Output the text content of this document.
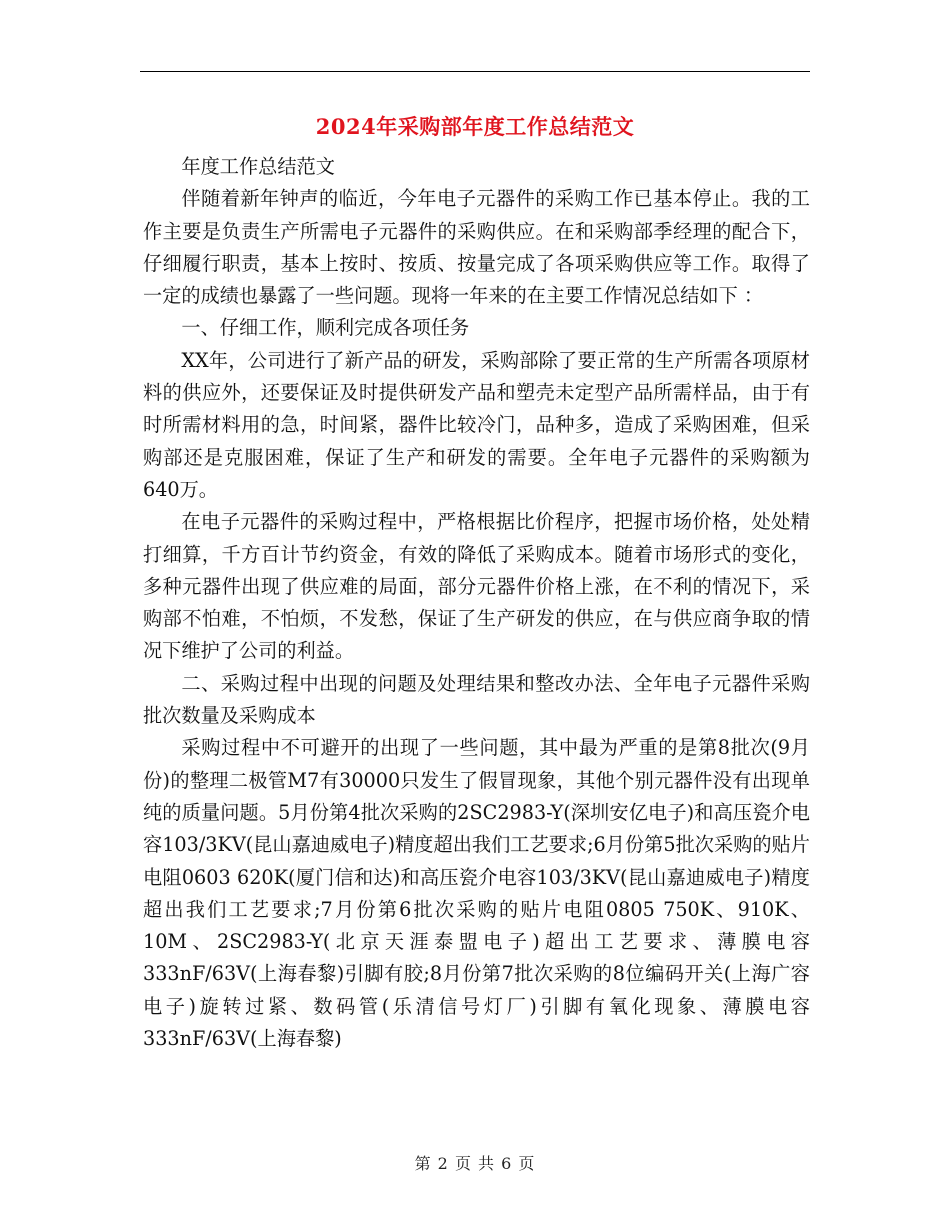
2024年采购部年度工作总结范文

年度工作总结范文

伴随着新年钟声的临近，今年电子元器件的采购工作已基本停止。我的工作主要是负责生产所需电子元器件的采购供应。在和采购部季经理的配合下，仔细履行职责，基本上按时、按质、按量完成了各项采购供应等工作。取得了一定的成绩也暴露了一些问题。现将一年来的在主要工作情况总结如下 ：

一、仔细工作，顺利完成各项任务

XX年，公司进行了新产品的研发，采购部除了要正常的生产所需各项原材料的供应外，还要保证及时提供研发产品和塑壳未定型产品所需样品，由于有时所需材料用的急，时间紧，器件比较冷门，品种多，造成了采购困难，但采购部还是克服困难，保证了生产和研发的需要。全年电子元器件的采购额为640万。

在电子元器件的采购过程中，严格根据比价程序，把握市场价格，处处精打细算，千方百计节约资金，有效的降低了采购成本。随着市场形式的变化，多种元器件出现了供应难的局面，部分元器件价格上涨，在不利的情况下，采购部不怕难，不怕烦，不发愁，保证了生产研发的供应，在与供应商争取的情况下维护了公司的利益。

二、采购过程中出现的问题及处理结果和整改办法、全年电子元器件采购批次数量及采购成本

采购过程中不可避开的出现了一些问题，其中最为严重的是第8批次(9月份)的整理二极管M7有30000只发生了假冒现象，其他个别元器件没有出现单纯的质量问题。5月份第4批次采购的2SC2983-Y(深圳安亿电子)和高压瓷介电容103/3KV(昆山嘉迪威电子)精度超出我们工艺要求;6月份第5批次采购的贴片电阻0603 620K(厦门信和达)和高压瓷介电容103/3KV(昆山嘉迪威电子)精度超出我们工艺要求;7月份第6批次采购的贴片电阻0805 750K、910K、10M、2SC2983-Y(北京天涯泰盟电子)超出工艺要求、薄膜电容333nF/63V(上海春黎)引脚有胶;8月份第7批次采购的8位编码开关(上海广容电子)旋转过紧、数码管(乐清信号灯厂)引脚有氧化现象、薄膜电容333nF/63V(上海春黎)

第 2 页 共 6 页
